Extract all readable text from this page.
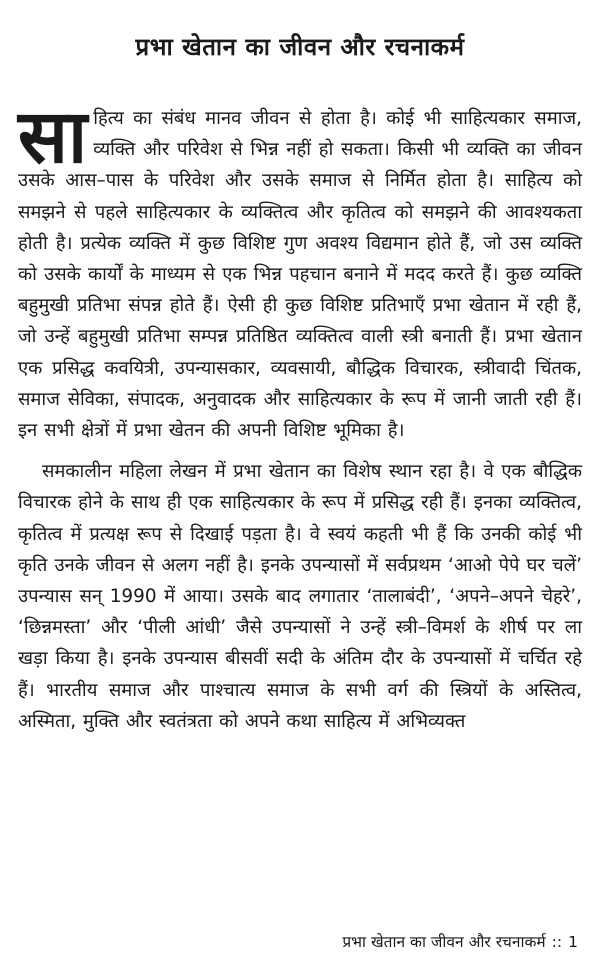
प्रभा खेतान का जीवन और रचनाकर्म

साहित्य का संबंध मानव जीवन से होता है। कोई भी साहित्यकार समाज, व्यक्ति और परिवेश से भिन्न नहीं हो सकता। किसी भी व्यक्ति का जीवन उसके आस–पास के परिवेश और उसके समाज से निर्मित होता है। साहित्य को समझने से पहले साहित्यकार के व्यक्तित्व और कृतित्व को समझने की आवश्यकता होती है। प्रत्येक व्यक्ति में कुछ विशिष्ट गुण अवश्य विद्यमान होते हैं, जो उस व्यक्ति को उसके कार्यों के माध्यम से एक भिन्न पहचान बनाने में मदद करते हैं। कुछ व्यक्ति बहुमुखी प्रतिभा संपन्न होते हैं। ऐसी ही कुछ विशिष्ट प्रतिभाएँ प्रभा खेतान में रही हैं, जो उन्हें बहुमुखी प्रतिभा सम्पन्न प्रतिष्ठित व्यक्तित्व वाली स्त्री बनाती हैं। प्रभा खेतान एक प्रसिद्ध कवयित्री, उपन्यासकार, व्यवसायी, बौद्धिक विचारक, स्त्रीवादी चिंतक, समाज सेविका, संपादक, अनुवादक और साहित्यकार के रूप में जानी जाती रही हैं। इन सभी क्षेत्रों में प्रभा खेतन की अपनी विशिष्ट भूमिका है।

समकालीन महिला लेखन में प्रभा खेतान का विशेष स्थान रहा है। वे एक बौद्धिक विचारक होने के साथ ही एक साहित्यकार के रूप में प्रसिद्ध रही हैं। इनका व्यक्तित्व, कृतित्व में प्रत्यक्ष रूप से दिखाई पड़ता है। वे स्वयं कहती भी हैं कि उनकी कोई भी कृति उनके जीवन से अलग नहीं है। इनके उपन्यासों में सर्वप्रथम ‘आओ पेपे घर चलें’ उपन्यास सन् 1990 में आया। उसके बाद लगातार ‘तालाबंदी’, ‘अपने–अपने चेहरे’, ‘छिन्नमस्ता’ और ‘पीली आंधी’ जैसे उपन्यासों ने उन्हें स्त्री–विमर्श के शीर्ष पर ला खड़ा किया है। इनके उपन्यास बीसवीं सदी के अंतिम दौर के उपन्यासों में चर्चित रहे हैं। भारतीय समाज और पाश्चात्य समाज के सभी वर्ग की स्त्रियों के अस्तित्व, अस्मिता, मुक्ति और स्वतंत्रता को अपने कथा साहित्य में अभिव्यक्त

प्रभा खेतान का जीवन और रचनाकर्म :: 1
